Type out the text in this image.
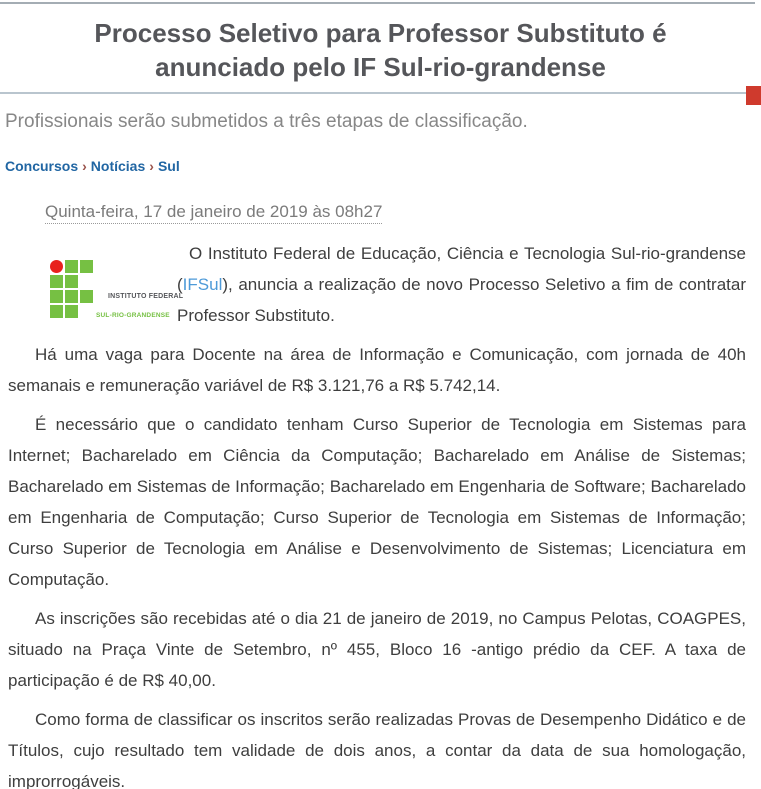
Processo Seletivo para Professor Substituto é anunciado pelo IF Sul-rio-grandense
Profissionais serão submetidos a três etapas de classificação.
Concursos › Notícias › Sul
Quinta-feira, 17 de janeiro de 2019 às 08h27

INSTITUTO FEDERAL
SUL-RIO-GRANDENSE
O Instituto Federal de Educação, Ciência e Tecnologia Sul-rio-grandense (IFSul), anuncia a realização de novo Processo Seletivo a fim de contratar Professor Substituto.

Há uma vaga para Docente na área de Informação e Comunicação, com jornada de 40h semanais e remuneração variável de R$ 3.121,76 a R$ 5.742,14.

É necessário que o candidato tenham Curso Superior de Tecnologia em Sistemas para Internet; Bacharelado em Ciência da Computação; Bacharelado em Análise de Sistemas; Bacharelado em Sistemas de Informação; Bacharelado em Engenharia de Software; Bacharelado em Engenharia de Computação; Curso Superior de Tecnologia em Sistemas de Informação; Curso Superior de Tecnologia em Análise e Desenvolvimento de Sistemas; Licenciatura em Computação.

As inscrições são recebidas até o dia 21 de janeiro de 2019, no Campus Pelotas, COAGPES, situado na Praça Vinte de Setembro, nº 455, Bloco 16 -antigo prédio da CEF. A taxa de participação é de R$ 40,00.

Como forma de classificar os inscritos serão realizadas Provas de Desempenho Didático e de Títulos, cujo resultado tem validade de dois anos, a contar da data de sua homologação, improrrogáveis.
